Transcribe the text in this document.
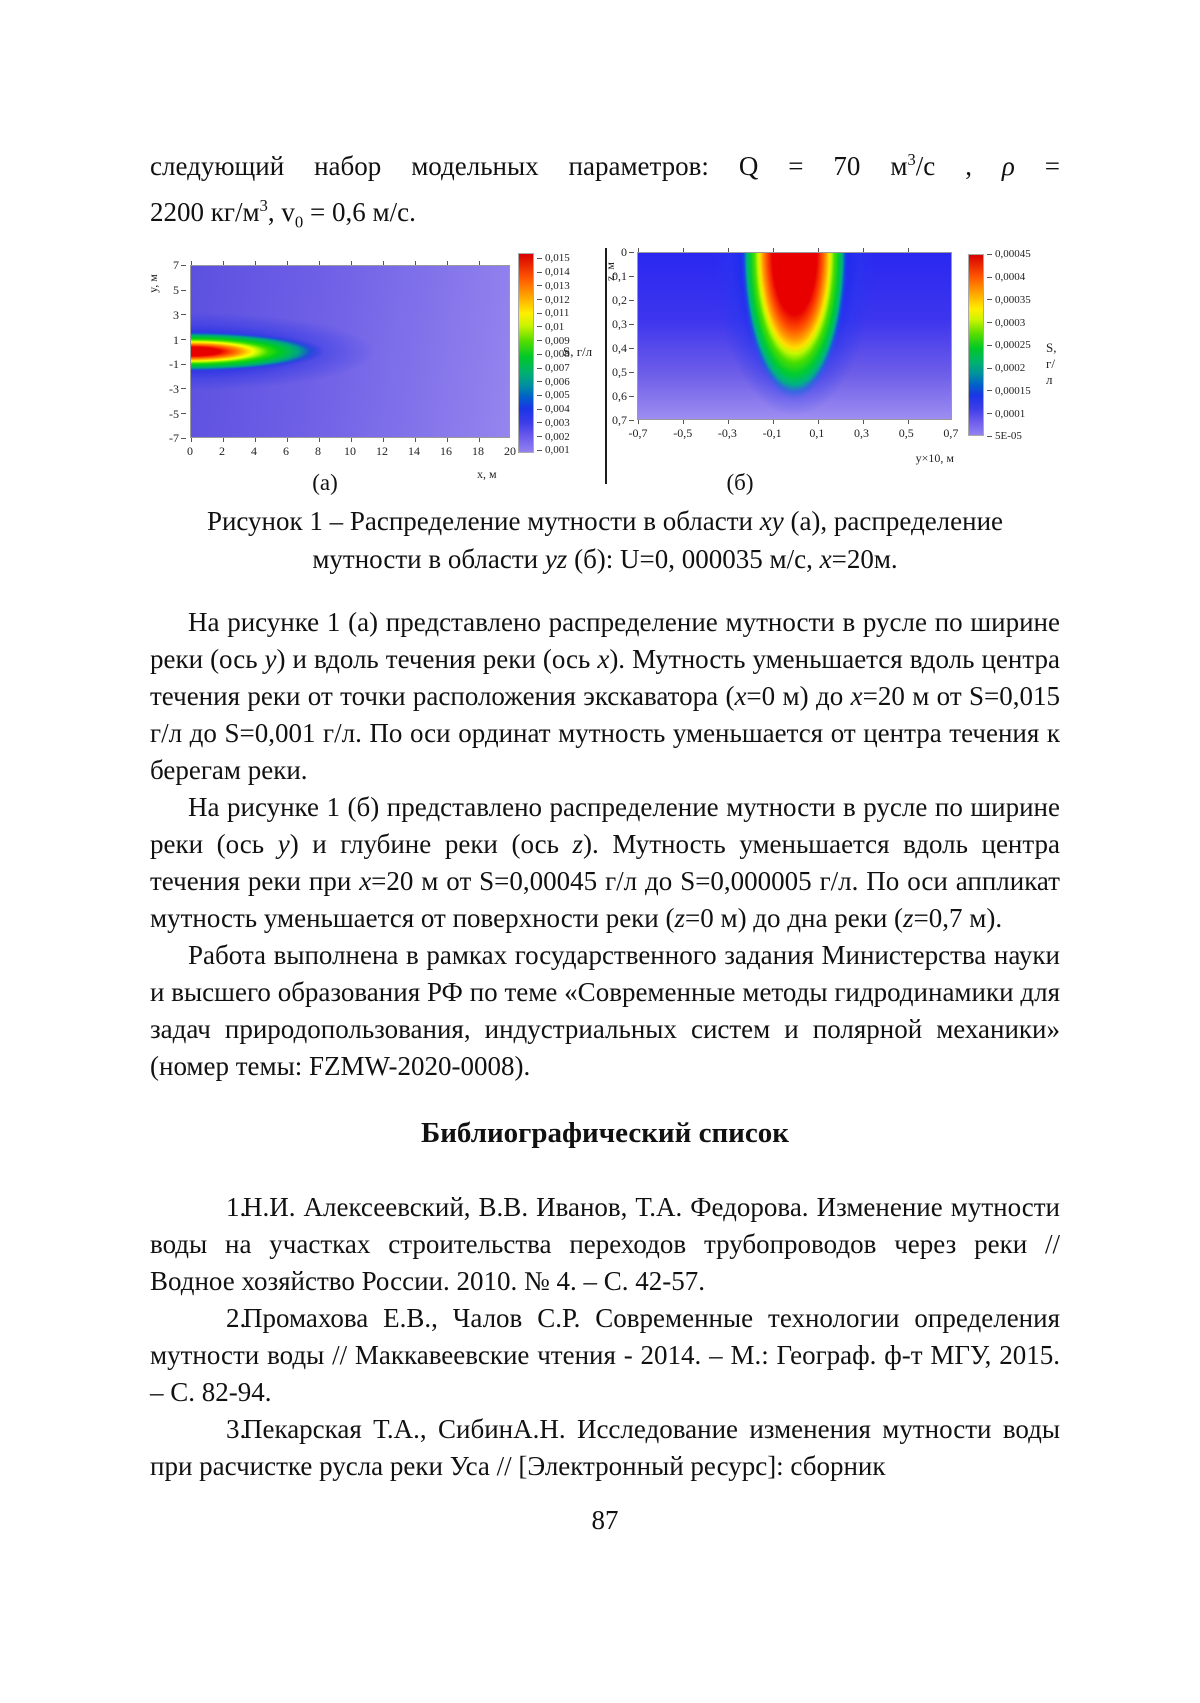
следующий набор модельных параметров: Q = 70 $м^3/с$ , ρ =

2200 $кг/м^3$, $v_0 = 0,6$ м/с.

y, м
7
5
3
1
-1
-3
-5
-7
0	2	4	6	8	10	12	14	16	18	20
x, м
0,015
0,014
0,013
0,012
0,011
0,01
0,009
0,008
0,007
0,006
0,005
0,004
0,003
0,002
0,001
S, г/л
(а)
z, м
0
0,1
0,2
0,3
0,4
0,5
0,6
0,7
-0,7	-0,5	-0,3	-0,1	0,1	0,3	0,5	0,7
y×10, м
0,00045
0,0004
0,00035
0,0003
0,00025
0,0002
0,00015
0,0001
5E-05
S, г/л
(б)

Рисунок 1 – Распределение мутности в области xy (а), распределение мутности в области yz (б): U=0, 000035 м/с, x=20м.

На рисунке 1 (а) представлено распределение мутности в русле по ширине реки (ось y) и вдоль течения реки (ось x). Мутность уменьшается вдоль центра течения реки от точки расположения экскаватора (x=0 м) до x=20 м от S=0,015 г/л до S=0,001 г/л. По оси ординат мутность уменьшается от центра течения к берегам реки.

На рисунке 1 (б) представлено распределение мутности в русле по ширине реки (ось y) и глубине реки (ось z). Мутность уменьшается вдоль центра течения реки при x=20 м от S=0,00045 г/л до S=0,000005 г/л. По оси аппликат мутность уменьшается от поверхности реки (z=0 м) до дна реки (z=0,7 м).

Работа выполнена в рамках государственного задания Министерства науки и высшего образования РФ по теме «Современные методы гидродинамики для задач природопользования, индустриальных систем и полярной механики» (номер темы: FZMW-2020-0008).

Библиографический список

1.Н.И. Алексеевский, В.В. Иванов, Т.А. Федорова. Изменение мутности воды на участках строительства переходов трубопроводов через реки // Водное хозяйство России. 2010. № 4. – С. 42-57.

2.Промахова Е.В., Чалов С.Р. Современные технологии определения мутности воды // Маккавеевские чтения - 2014. – М.: Географ. ф-т МГУ, 2015. – С. 82-94.

3.Пекарская Т.А., СибинА.Н. Исследование изменения мутности воды при расчистке русла реки Уса // [Электронный ресурс]: сборник

87
